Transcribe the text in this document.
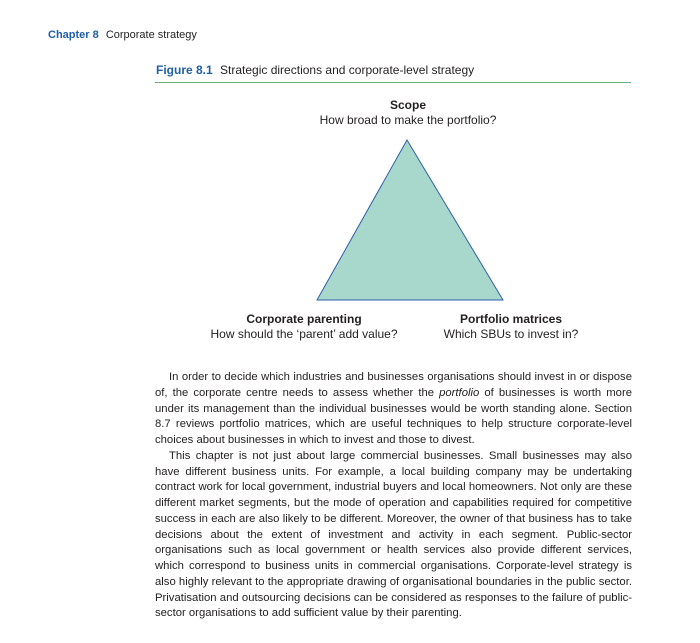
Chapter 8 Corporate strategy
Figure 8.1 Strategic directions and corporate-level strategy
Scope
How broad to make the portfolio?
Corporate parenting
How should the ‘parent’ add value?
Portfolio matrices
Which SBUs to invest in?

In order to decide which industries and businesses organisations should invest in or dispose of, the corporate centre needs to assess whether the portfolio of businesses is worth more under its management than the individual businesses would be worth standing alone. Section 8.7 reviews portfolio matrices, which are useful techniques to help structure corporate-level choices about businesses in which to invest and those to divest.

This chapter is not just about large commercial businesses. Small businesses may also have different business units. For example, a local building company may be undertaking contract work for local government, industrial buyers and local homeowners. Not only are these different market segments, but the mode of operation and capabilities required for competitive success in each are also likely to be different. Moreover, the owner of that business has to take decisions about the extent of investment and activity in each segment. Public-sector organisations such as local government or health services also provide different services, which correspond to business units in commercial organisations. Corporate-level strategy is also highly relevant to the appropriate drawing of organisational boundaries in the public sector. Privatisation and outsourcing decisions can be considered as responses to the failure of public-sector organisations to add sufficient value by their parenting.
